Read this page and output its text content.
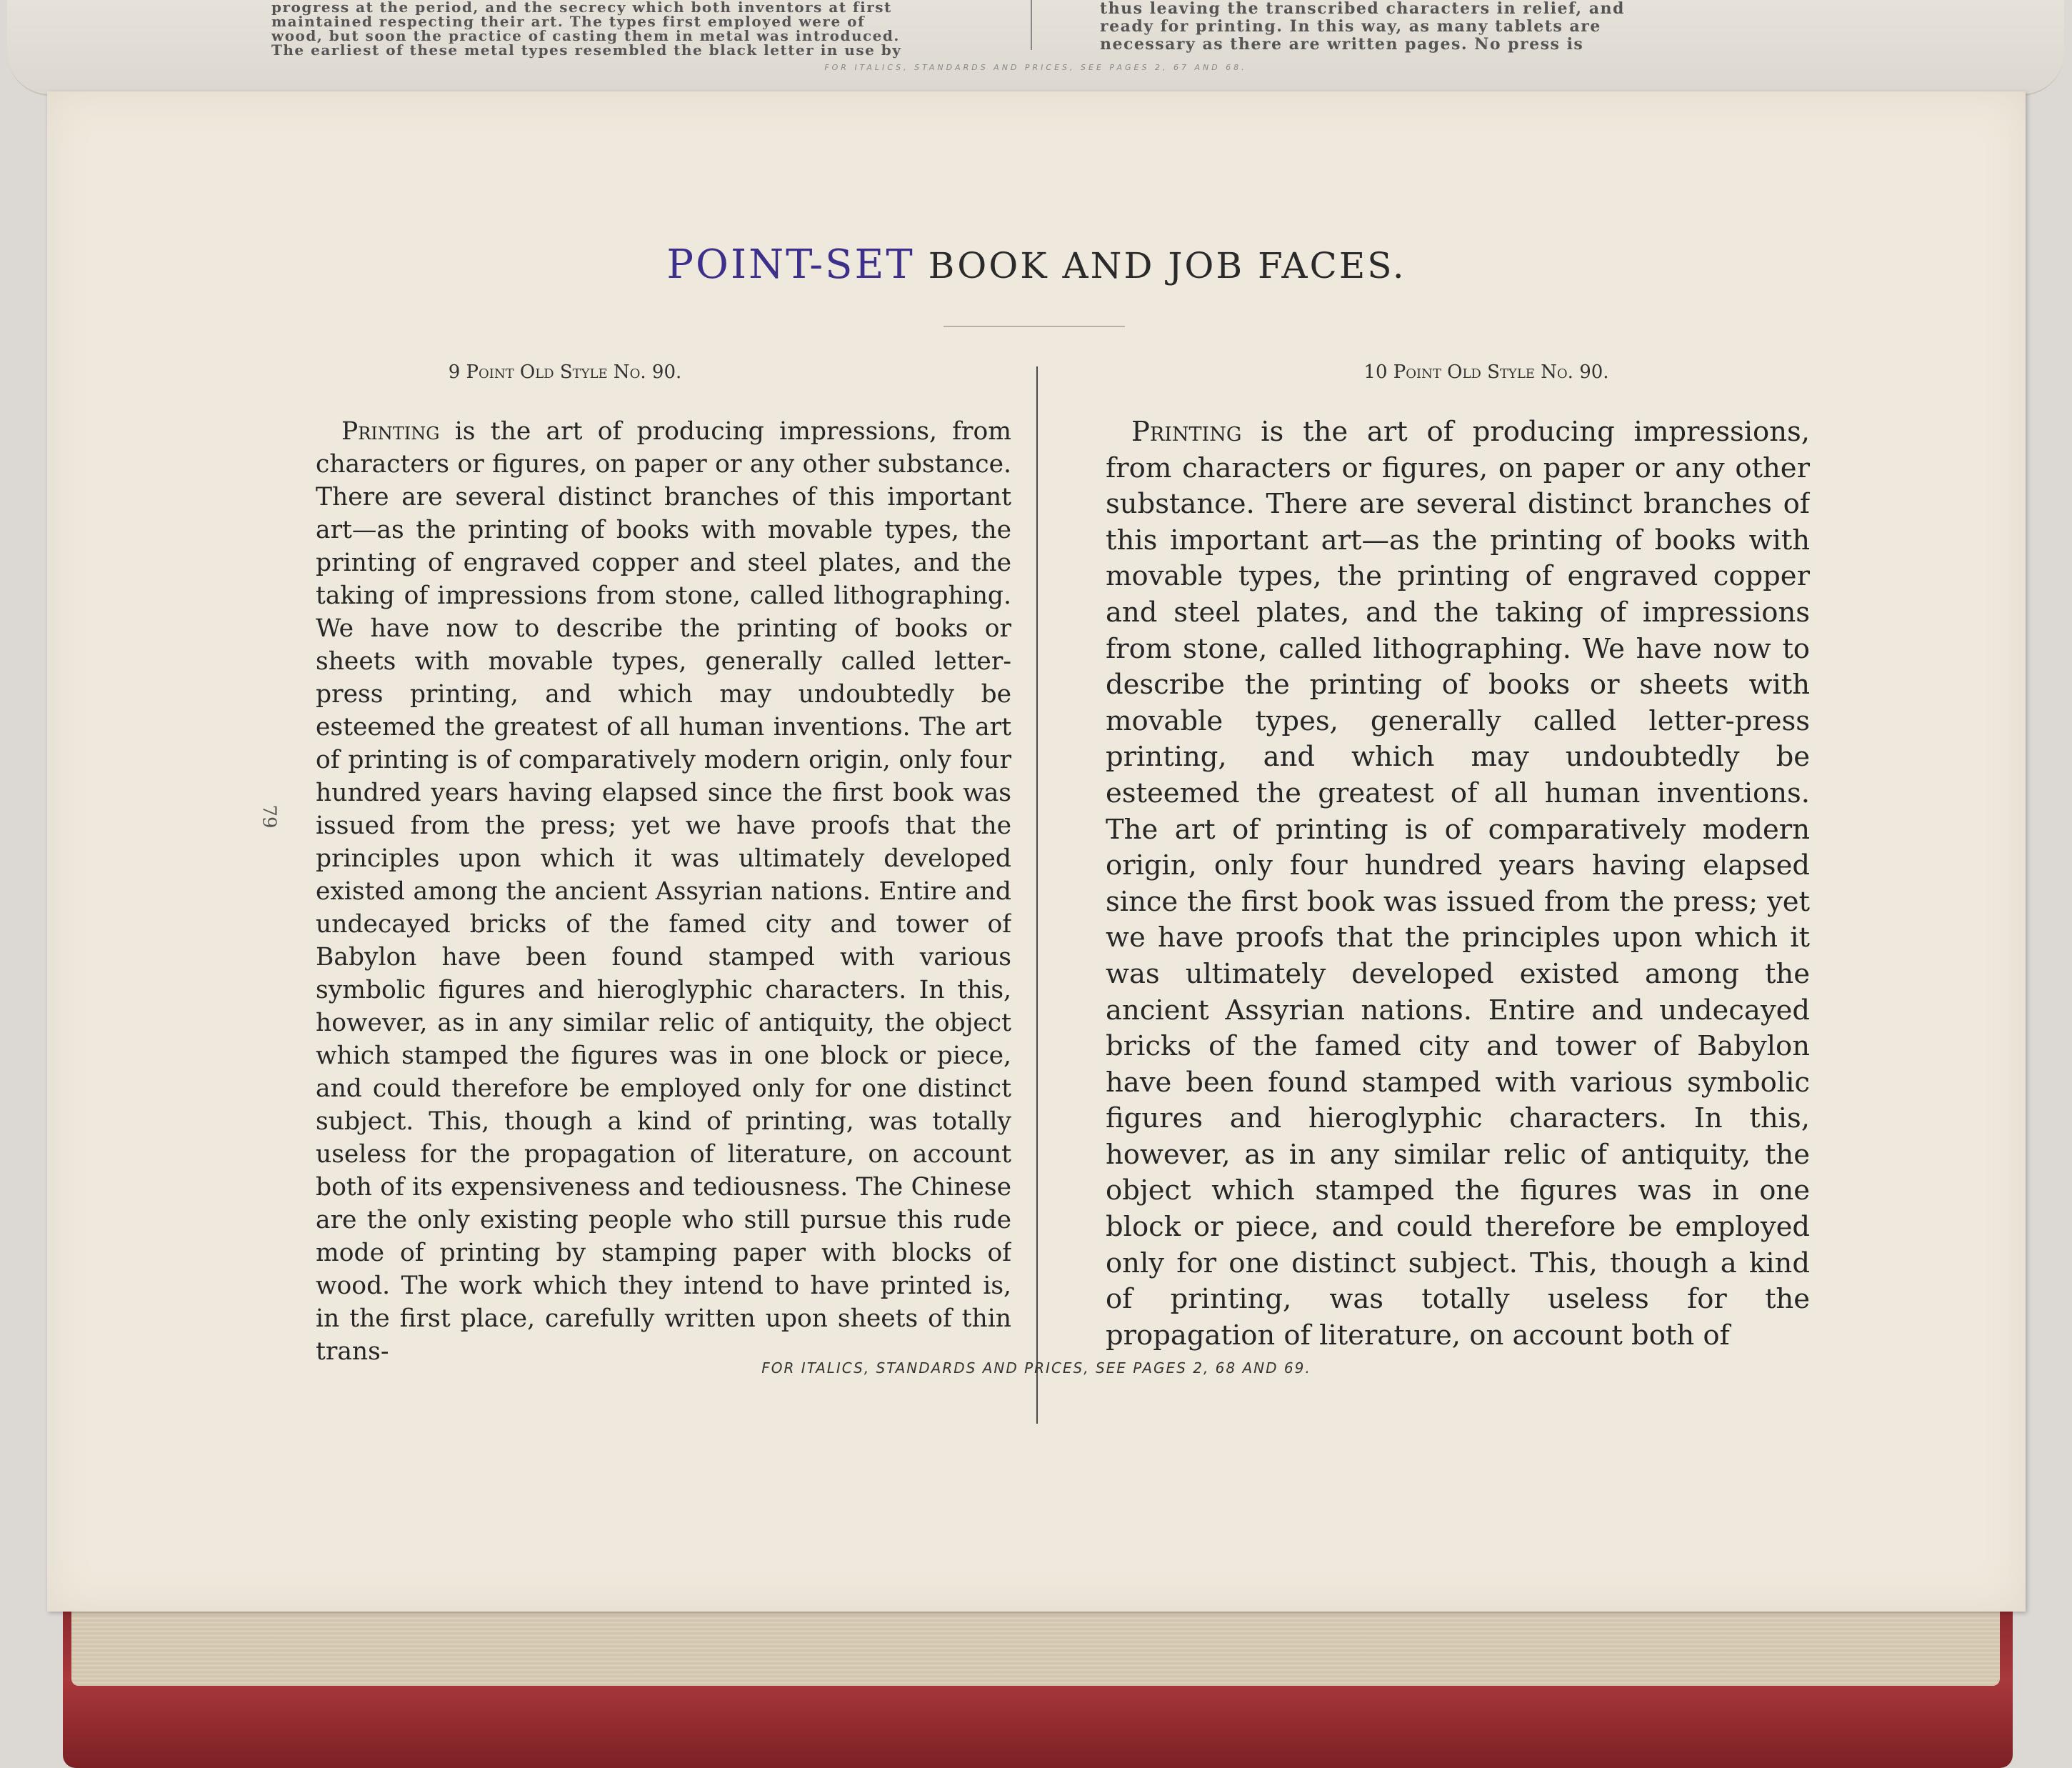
progress at the period, and the secrecy which both inventors at first
maintained respecting their art. The types first employed were of
wood, but soon the practice of casting them in metal was introduced.
The earliest of these metal types resembled the black letter in use by
thus leaving the transcribed characters in relief, and
ready for printing. In this way, as many tablets are
necessary as there are written pages. No press is
FOR ITALICS, STANDARDS AND PRICES, SEE PAGES 2, 67 AND 68.
POINT-SET BOOK AND JOB FACES.
9 Point Old Style No. 90.	10 Point Old Style No. 90.
79

Printing is the art of producing impressions, from characters or figures, on paper or any other substance. There are several distinct branches of this important art—as the printing of books with movable types, the printing of engraved copper and steel plates, and the taking of impressions from stone, called lithographing. We have now to describe the printing of books or sheets with movable types, generally called letter-press printing, and which may undoubtedly be esteemed the greatest of all human inventions. The art of printing is of comparatively modern origin, only four hundred years having elapsed since the first book was issued from the press; yet we have proofs that the principles upon which it was ultimately developed existed among the ancient Assyrian nations. Entire and undecayed bricks of the famed city and tower of Babylon have been found stamped with various symbolic figures and hieroglyphic characters. In this, however, as in any similar relic of antiquity, the object which stamped the figures was in one block or piece, and could therefore be employed only for one distinct subject. This, though a kind of printing, was totally useless for the propagation of literature, on account both of its expensiveness and tediousness. The Chinese are the only existing people who still pursue this rude mode of printing by stamping paper with blocks of wood. The work which they intend to have printed is, in the first place, carefully written upon sheets of thin trans-

Printing is the art of producing impressions, from characters or figures, on paper or any other substance. There are several distinct branches of this important art—as the printing of books with movable types, the printing of engraved copper and steel plates, and the taking of impressions from stone, called lithographing. We have now to describe the printing of books or sheets with movable types, generally called letter-press printing, and which may undoubtedly be esteemed the greatest of all human inventions. The art of printing is of comparatively modern origin, only four hundred years having elapsed since the first book was issued from the press; yet we have proofs that the principles upon which it was ultimately developed existed among the ancient Assyrian nations. Entire and undecayed bricks of the famed city and tower of Babylon have been found stamped with various symbolic figures and hieroglyphic characters. In this, however, as in any similar relic of antiquity, the object which stamped the figures was in one block or piece, and could therefore be employed only for one distinct subject. This, though a kind of printing, was totally useless for the propagation of literature, on account both of

FOR ITALICS, STANDARDS AND PRICES, SEE PAGES 2, 68 AND 69.
